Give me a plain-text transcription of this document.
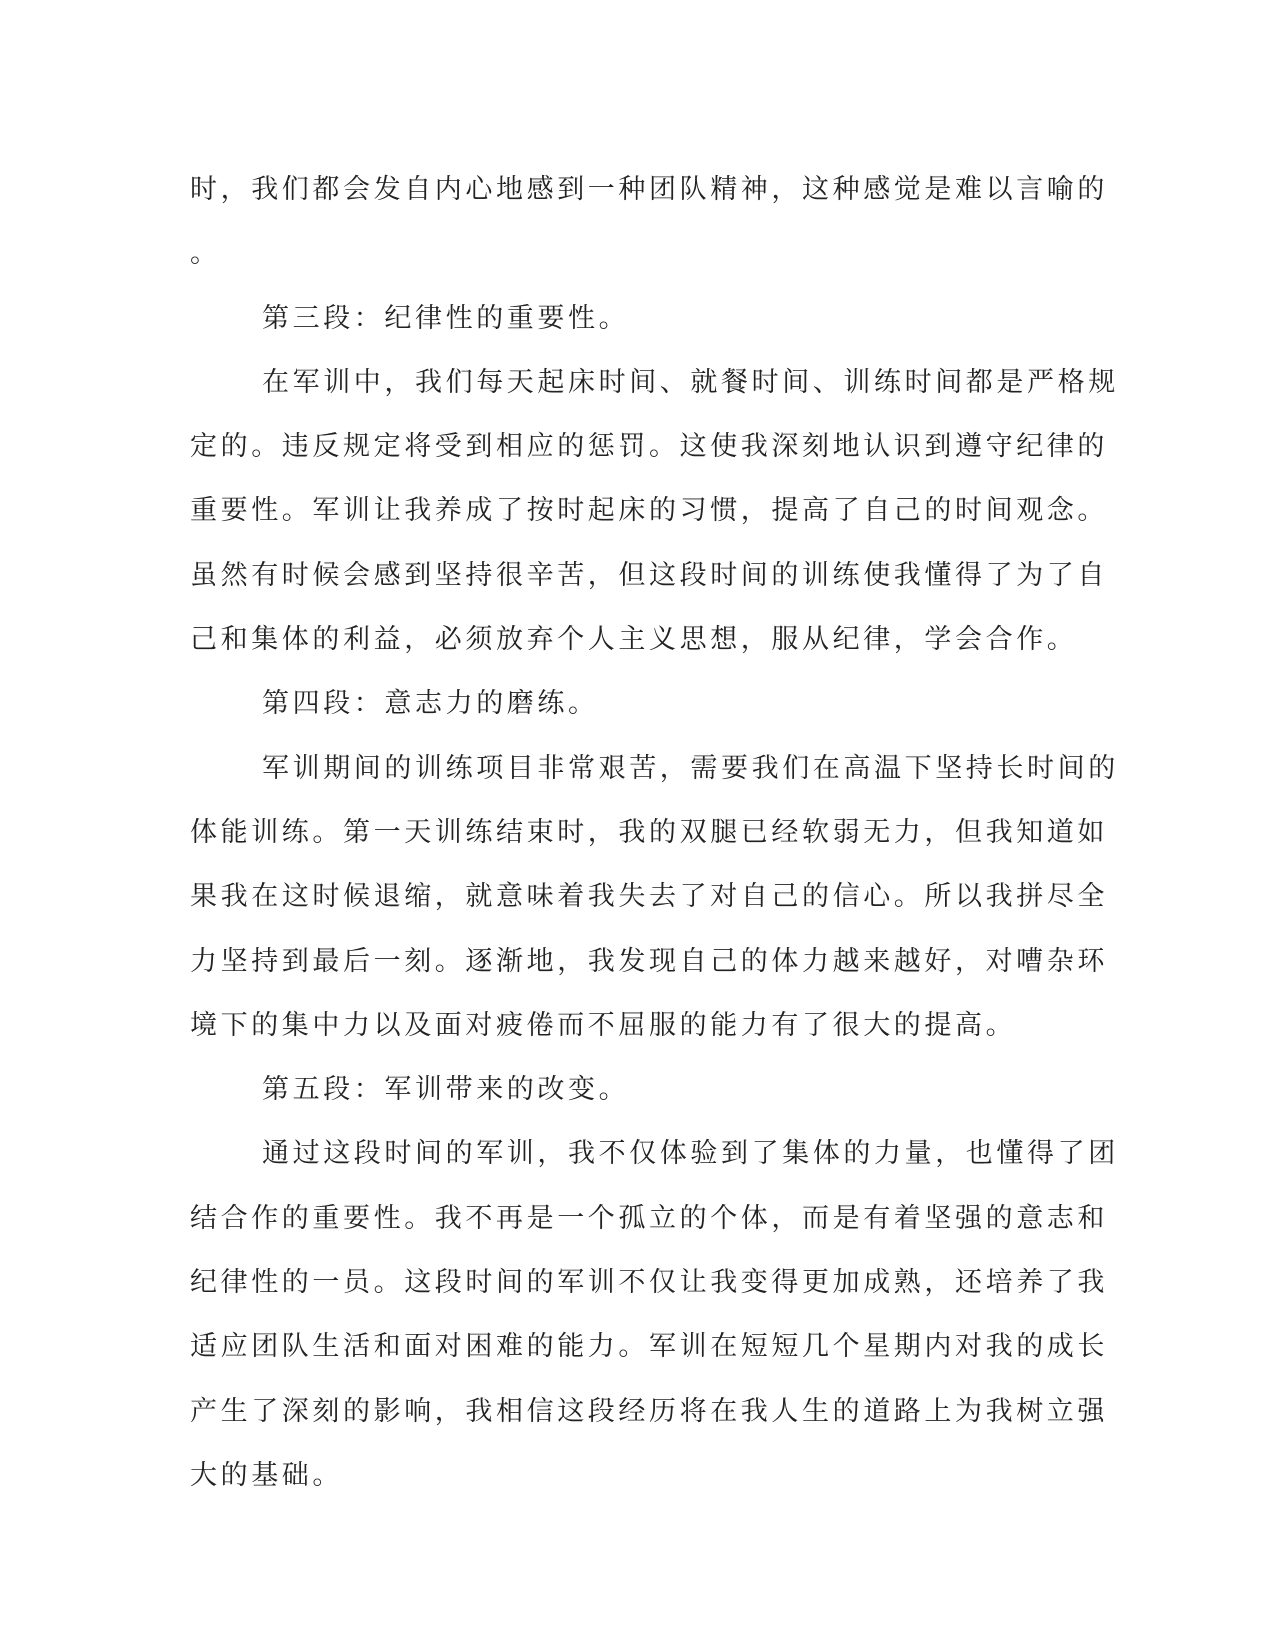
时，我们都会发自内心地感到一种团队精神，这种感觉是难以言喻的
。
第三段：纪律性的重要性。
在军训中，我们每天起床时间、就餐时间、训练时间都是严格规
定的。违反规定将受到相应的惩罚。这使我深刻地认识到遵守纪律的
重要性。军训让我养成了按时起床的习惯，提高了自己的时间观念。
虽然有时候会感到坚持很辛苦，但这段时间的训练使我懂得了为了自
己和集体的利益，必须放弃个人主义思想，服从纪律，学会合作。
第四段：意志力的磨练。
军训期间的训练项目非常艰苦，需要我们在高温下坚持长时间的
体能训练。第一天训练结束时，我的双腿已经软弱无力，但我知道如
果我在这时候退缩，就意味着我失去了对自己的信心。所以我拼尽全
力坚持到最后一刻。逐渐地，我发现自己的体力越来越好，对嘈杂环
境下的集中力以及面对疲倦而不屈服的能力有了很大的提高。
第五段：军训带来的改变。
通过这段时间的军训，我不仅体验到了集体的力量，也懂得了团
结合作的重要性。我不再是一个孤立的个体，而是有着坚强的意志和
纪律性的一员。这段时间的军训不仅让我变得更加成熟，还培养了我
适应团队生活和面对困难的能力。军训在短短几个星期内对我的成长
产生了深刻的影响，我相信这段经历将在我人生的道路上为我树立强
大的基础。
